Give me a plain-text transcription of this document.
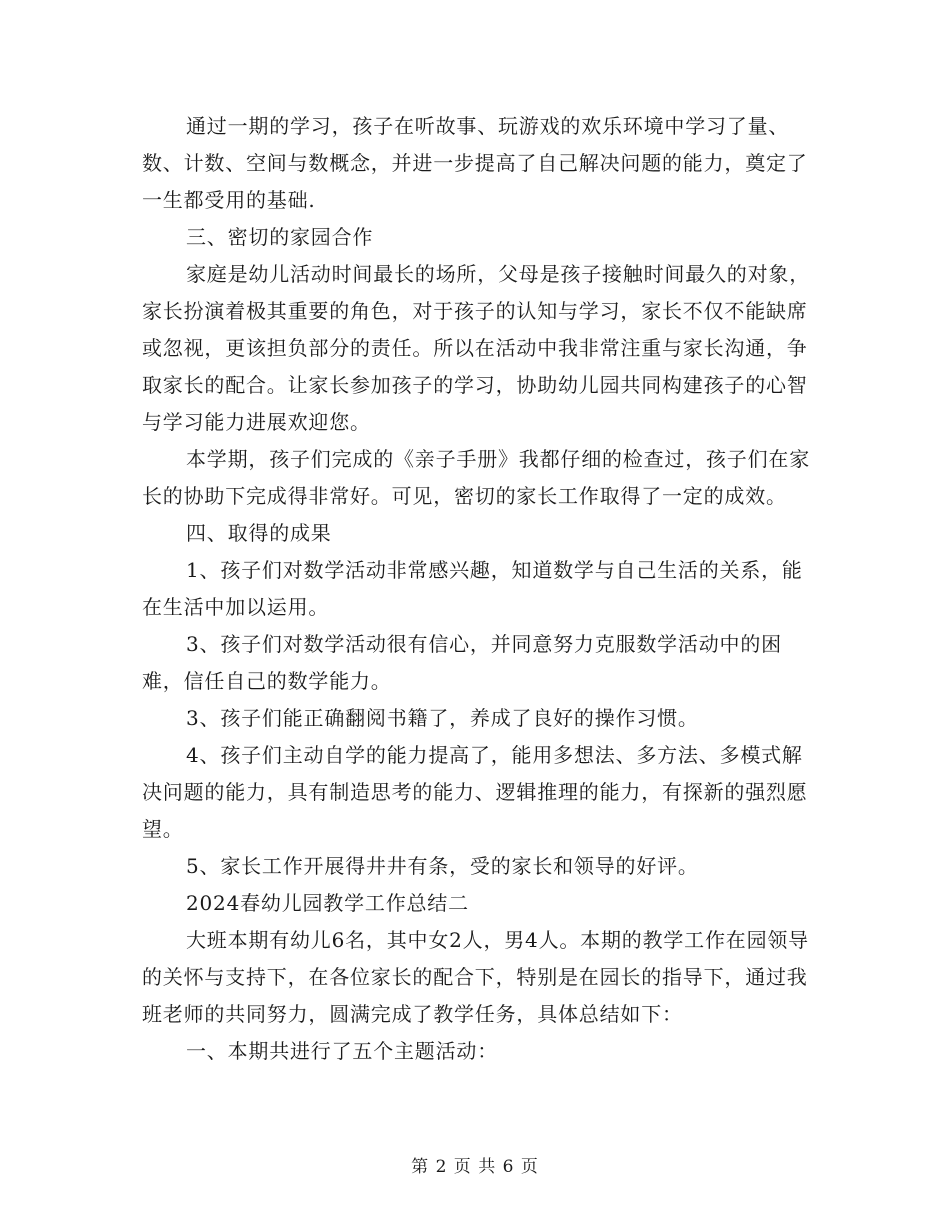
通过一期的学习，孩子在听故事、玩游戏的欢乐环境中学习了量、数、计数、空间与数概念，并进一步提高了自己解决问题的能力，奠定了一生都受用的基础.

三、密切的家园合作

家庭是幼儿活动时间最长的场所，父母是孩子接触时间最久的对象，家长扮演着极其重要的角色，对于孩子的认知与学习，家长不仅不能缺席或忽视，更该担负部分的责任。所以在活动中我非常注重与家长沟通，争取家长的配合。让家长参加孩子的学习，协助幼儿园共同构建孩子的心智与学习能力进展欢迎您。

本学期，孩子们完成的《亲子手册》我都仔细的检查过，孩子们在家长的协助下完成得非常好。可见，密切的家长工作取得了一定的成效。

四、取得的成果

1、孩子们对数学活动非常感兴趣，知道数学与自己生活的关系，能在生活中加以运用。

3、孩子们对数学活动很有信心，并同意努力克服数学活动中的困难，信任自己的数学能力。

3、孩子们能正确翻阅书籍了，养成了良好的操作习惯。

4、孩子们主动自学的能力提高了，能用多想法、多方法、多模式解决问题的能力，具有制造思考的能力、逻辑推理的能力，有探新的强烈愿望。

5、家长工作开展得井井有条，受的家长和领导的好评。

2024春幼儿园教学工作总结二

大班本期有幼儿6名，其中女2人，男4人。本期的教学工作在园领导的关怀与支持下，在各位家长的配合下，特别是在园长的指导下，通过我班老师的共同努力，圆满完成了教学任务，具体总结如下：

一、本期共进行了五个主题活动：

第 2 页 共 6 页
